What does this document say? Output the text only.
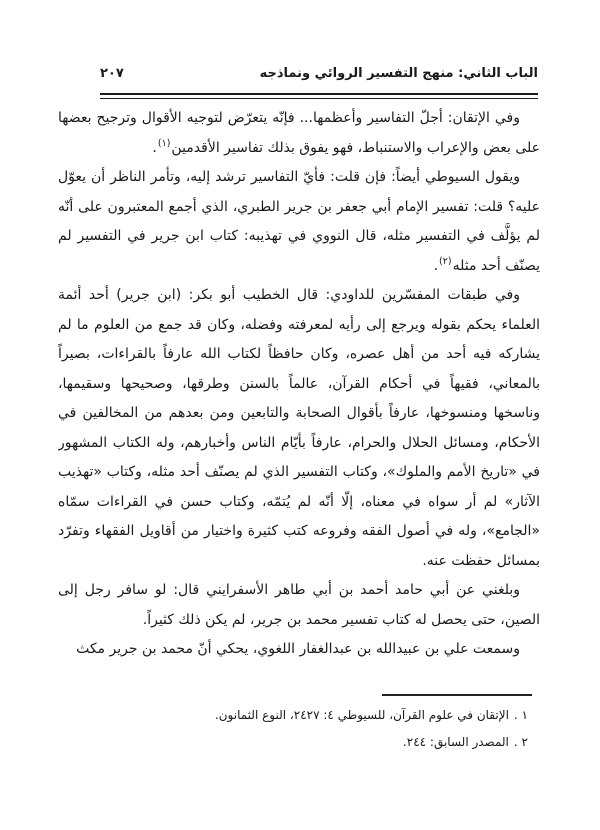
الباب الثاني: منهج التفسير الروائي ونماذجه
٢٠٧

وفي الإتقان: أجلّ التفاسير وأعظمها... فإنّه يتعرّض لتوجيه الأقوال وترجيح بعضها على بعض والإعراب والاستنباط، فهو يفوق بذلك تفاسير الأقدمين$^{(١)}$.

ويقول السيوطي أيضاً: فإن قلت: فأيّ التفاسير ترشد إليه، وتأمر الناظر أن يعوّل عليه؟ قلت: تفسير الإمام أبي جعفر بن جرير الطبري، الذي أجمع المعتبرون على أنّه لم يؤلَّف في التفسير مثله، قال النووي في تهذيبه: كتاب ابن جرير في التفسير لم يصنّف أحد مثله$^{(٢)}$.

وفي طبقات المفسّرين للداودي: قال الخطيب أبو بكر: (ابن جرير) أحد أئمة العلماء يحكم بقوله ويرجع إلى رأيه لمعرفته وفضله، وكان قد جمع من العلوم ما لم يشاركه فيه أحد من أهل عصره، وكان حافظاً لكتاب الله عارفاً بالقراءات، بصيراً بالمعاني، فقيهاً في أحكام القرآن، عالماً بالسنن وطرقها، وصحيحها وسقيمها، وناسخها ومنسوخها، عارفاً بأقوال الصحابة والتابعين ومن بعدهم من المخالفين في الأحكام، ومسائل الحلال والحرام، عارفاً بأيّام الناس وأخبارهم، وله الكتاب المشهور في «تاريخ الأمم والملوك»، وكتاب التفسير الذي لم يصنّف أحد مثله، وكتاب «تهذيب الآثار» لم أر سواه في معناه، إلّا أنّه لم يُتمّه، وكتاب حسن في القراءات سمّاه «الجامع»، وله في أصول الفقه وفروعه كتب كثيرة واختيار من أقاويل الفقهاء وتفرّد بمسائل حفظت عنه.

وبلغني عن أبي حامد أحمد بن أبي طاهر الأسفرايني قال: لو سافر رجل إلى الصين، حتى يحصل له كتاب تفسير محمد بن جرير، لم يكن ذلك كثيراً.

وسمعت علي بن عبيدالله بن عبدالغفار اللغوي، يحكي أنّ محمد بن جرير مكث

١ .الإتقان في علوم القرآن، للسيوطي ٤: ٢٤٢٧، النوع الثمانون.
٢ .المصدر السابق: ٢٤٤.
